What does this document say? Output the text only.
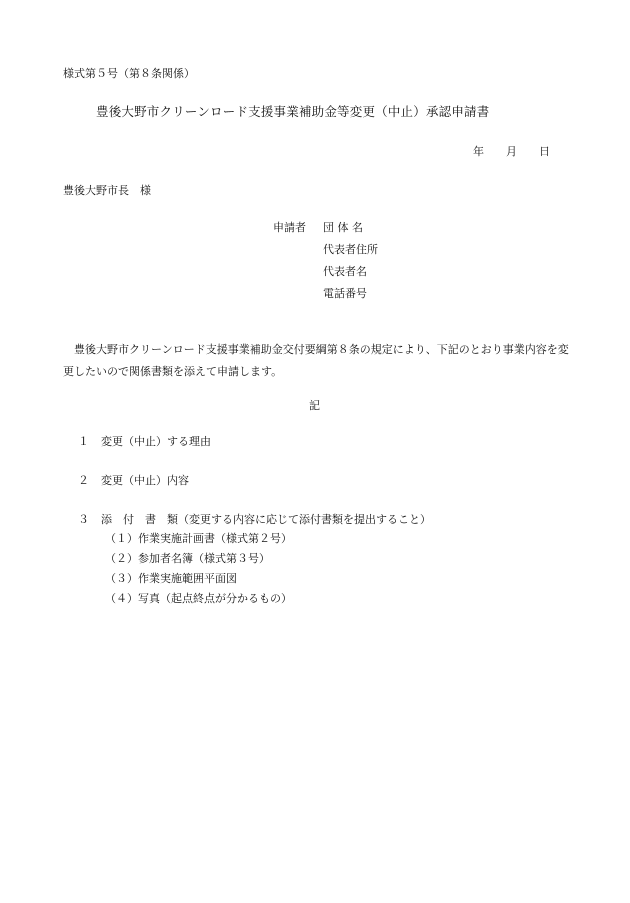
様式第５号（第８条関係）
豊後大野市クリーンロード支援事業補助金等変更（中止）承認申請書
年 月 日
豊後大野市長　様
申請者 団 体 名
代表者住所
代表者名
電話番号
豊後大野市クリーンロード支援事業補助金交付要綱第８条の規定により、下記のとおり事業内容を変更したいので関係書類を添えて申請します。
記
１ 変更（中止）する理由
２ 変更（中止）内容
３ 添　付　書　類（変更する内容に応じて添付書類を提出すること）
（１）作業実施計画書（様式第２号）
（２）参加者名簿（様式第３号）
（３）作業実施範囲平面図
（４）写真（起点終点が分かるもの）
